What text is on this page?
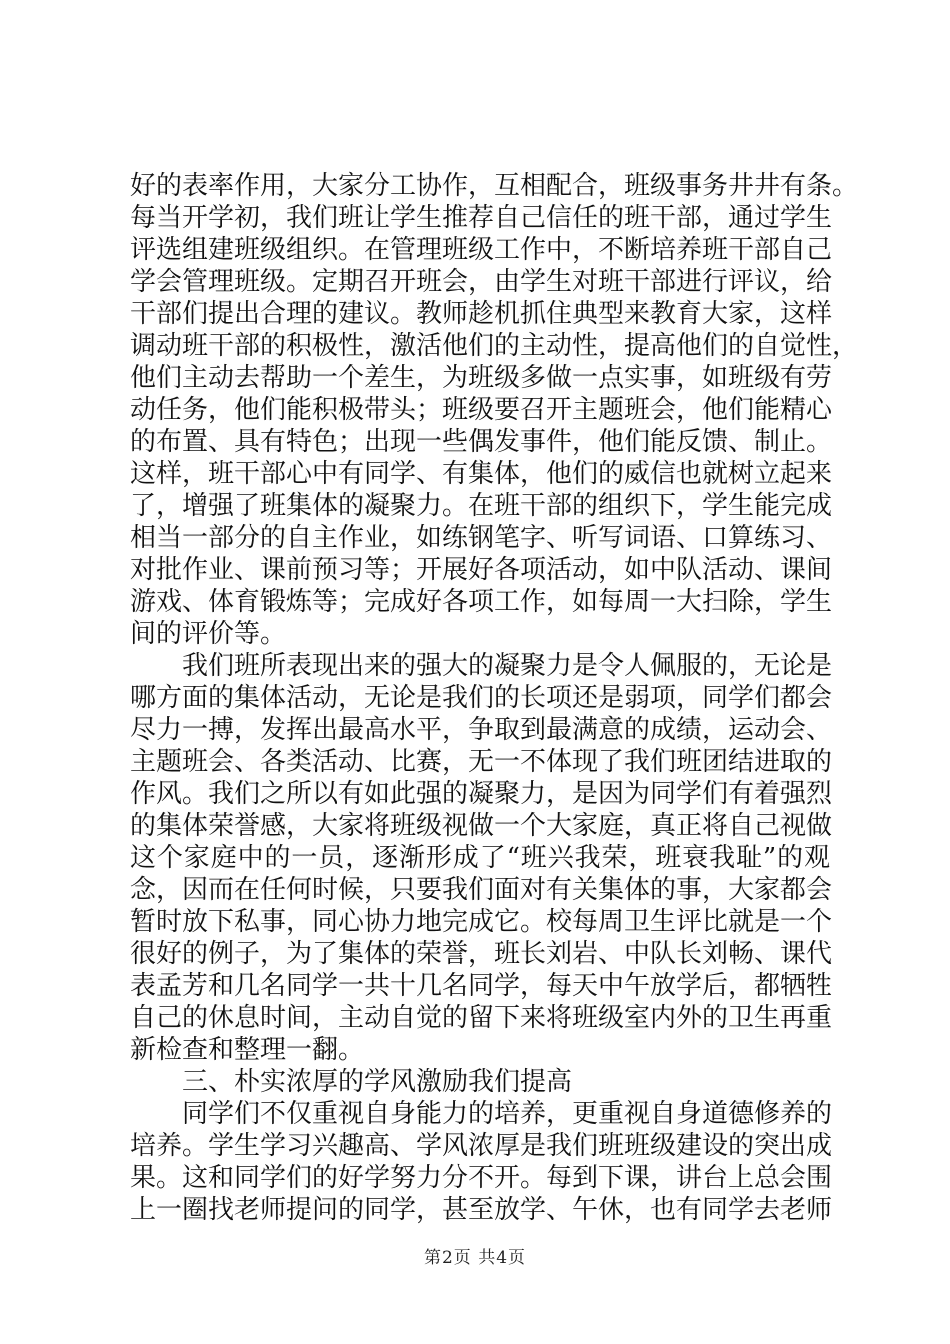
好的表率作用，大家分工协作，互相配合，班级事务井井有条。
每当开学初，我们班让学生推荐自己信任的班干部，通过学生
评选组建班级组织。在管理班级工作中，不断培养班干部自己
学会管理班级。定期召开班会，由学生对班干部进行评议，给
干部们提出合理的建议。教师趁机抓住典型来教育大家，这样
调动班干部的积极性，激活他们的主动性，提高他们的自觉性，
他们主动去帮助一个差生，为班级多做一点实事，如班级有劳
动任务，他们能积极带头；班级要召开主题班会，他们能精心
的布置、具有特色；出现一些偶发事件，他们能反馈、制止。
这样，班干部心中有同学、有集体，他们的威信也就树立起来
了，增强了班集体的凝聚力。在班干部的组织下，学生能完成
相当一部分的自主作业，如练钢笔字、听写词语、口算练习、
对批作业、课前预习等；开展好各项活动，如中队活动、课间
游戏、体育锻炼等；完成好各项工作，如每周一大扫除，学生
间的评价等。
我们班所表现出来的强大的凝聚力是令人佩服的，无论是
哪方面的集体活动，无论是我们的长项还是弱项，同学们都会
尽力一搏，发挥出最高水平，争取到最满意的成绩，运动会、
主题班会、各类活动、比赛，无一不体现了我们班团结进取的
作风。我们之所以有如此强的凝聚力，是因为同学们有着强烈
的集体荣誉感，大家将班级视做一个大家庭，真正将自己视做
这个家庭中的一员，逐渐形成了“班兴我荣，班衰我耻”的观
念，因而在任何时候，只要我们面对有关集体的事，大家都会
暂时放下私事，同心协力地完成它。校每周卫生评比就是一个
很好的例子，为了集体的荣誉，班长刘岩、中队长刘畅、课代
表孟芳和几名同学一共十几名同学，每天中午放学后，都牺牲
自己的休息时间，主动自觉的留下来将班级室内外的卫生再重
新检查和整理一翻。
三、朴实浓厚的学风激励我们提高
同学们不仅重视自身能力的培养，更重视自身道德修养的
培养。学生学习兴趣高、学风浓厚是我们班班级建设的突出成
果。这和同学们的好学努力分不开。每到下课，讲台上总会围
上一圈找老师提问的同学，甚至放学、午休，也有同学去老师
第2页 共4页
